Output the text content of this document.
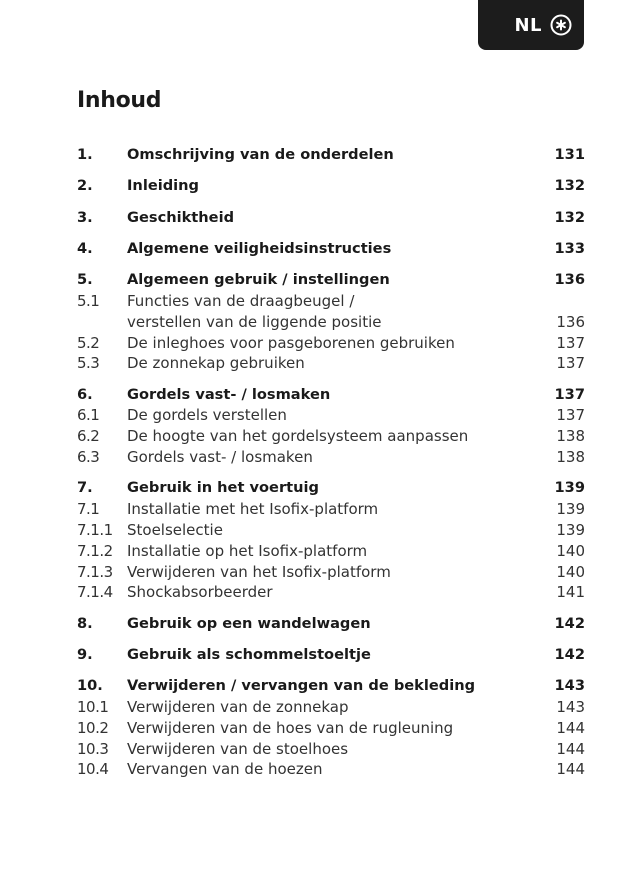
NL
Inhoud
1.	Omschrijving van de onderdelen	131
2.	Inleiding	132
3.	Geschiktheid	132
4.	Algemene veiligheidsinstructies	133
5.	Algemeen gebruik / instellingen	136
5.1	Functies van de draagbeugel /
verstellen van de liggende positie	136
5.2	De inleghoes voor pasgeborenen gebruiken	137
5.3	De zonnekap gebruiken	137
6.	Gordels vast- / losmaken	137
6.1	De gordels verstellen	137
6.2	De hoogte van het gordelsysteem aanpassen	138
6.3	Gordels vast- / losmaken	138
7.	Gebruik in het voertuig	139
7.1	Installatie met het Isofix-platform	139
7.1.1 Stoelselectie	139
7.1.2 Installatie op het Isofix-platform	140
7.1.3 Verwijderen van het Isofix-platform	140
7.1.4 Shockabsorbeerder	141
8.	Gebruik op een wandelwagen	142
9.	Gebruik als schommelstoeltje	142
10.	Verwijderen / vervangen van de bekleding	143
10.1	Verwijderen van de zonnekap	143
10.2	Verwijderen van de hoes van de rugleuning	144
10.3	Verwijderen van de stoelhoes	144
10.4	Vervangen van de hoezen	144
